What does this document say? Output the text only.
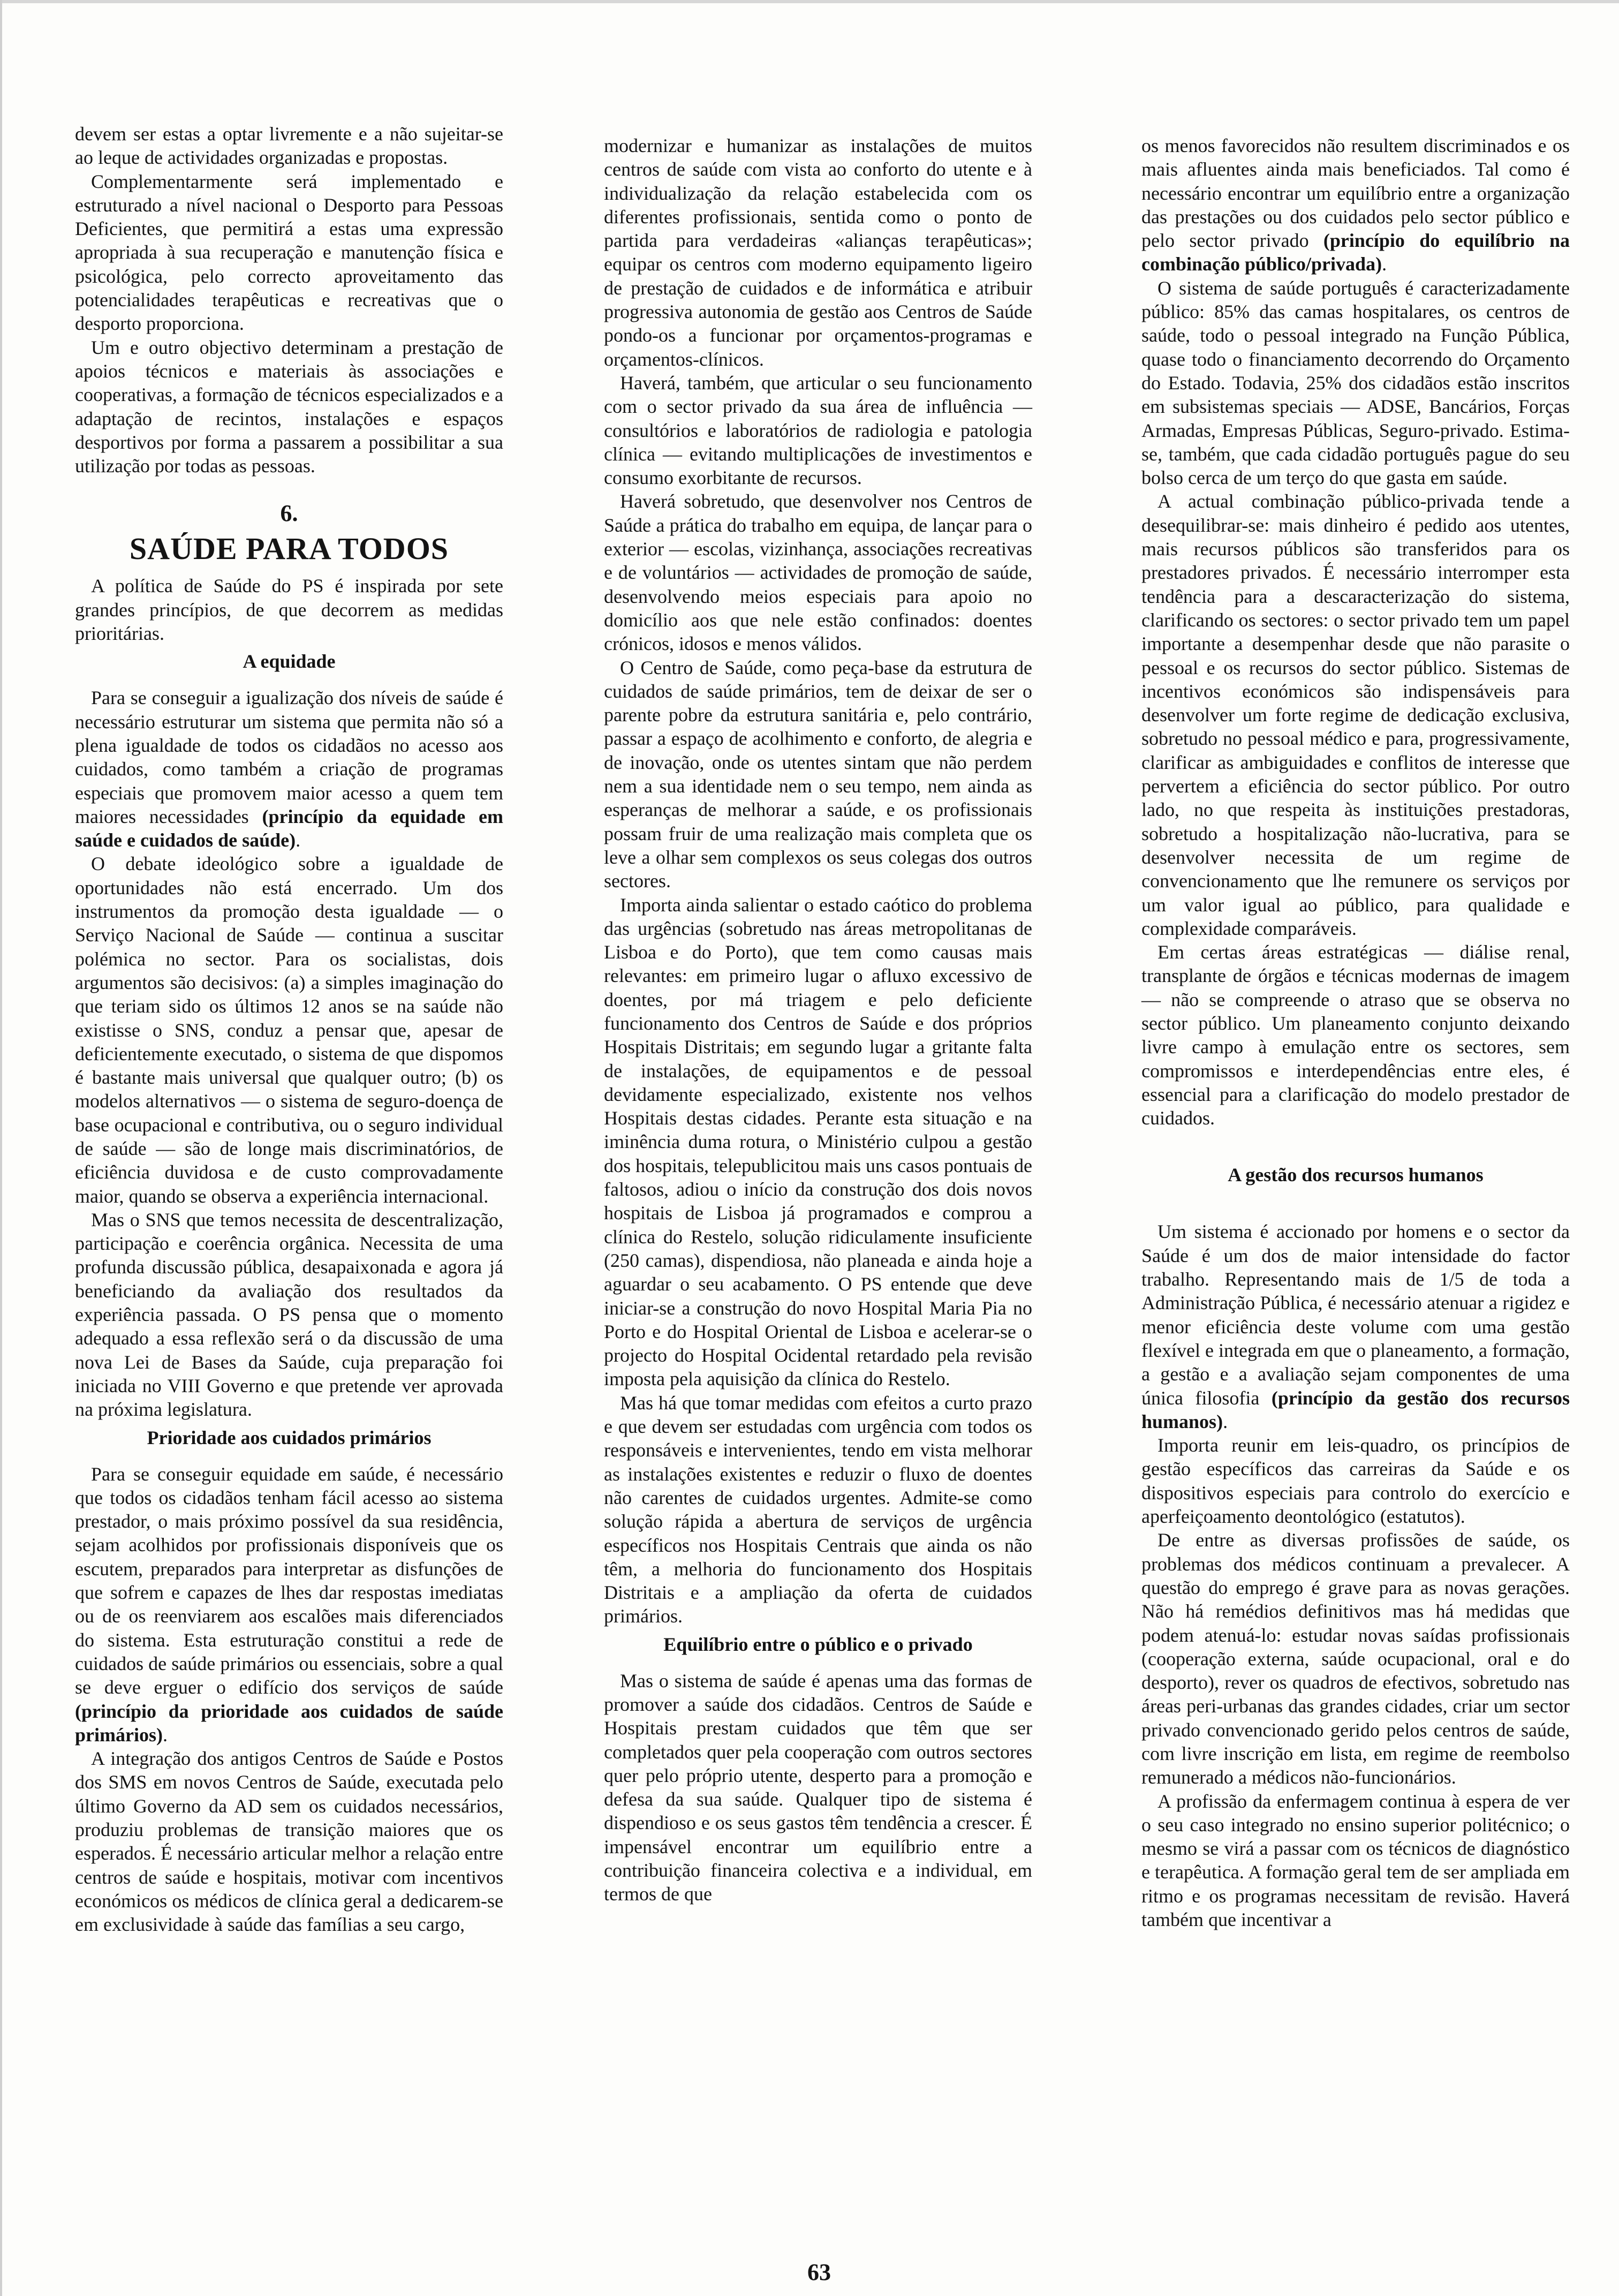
devem ser estas a optar livremente e a não sujeitar-se ao leque de actividades organizadas e propostas.

Complementarmente será implementado e estruturado a nível nacional o Desporto para Pessoas Deficientes, que permitirá a estas uma expressão apropriada à sua recuperação e manutenção física e psicológica, pelo correcto aproveitamento das potencialidades terapêuticas e recreativas que o desporto proporciona.

Um e outro objectivo determinam a prestação de apoios técnicos e materiais às associações e cooperativas, a formação de técnicos especializados e a adaptação de recintos, instalações e espaços desportivos por forma a passarem a possibilitar a sua utilização por todas as pessoas.

6.
SAÚDE PARA TODOS

A política de Saúde do PS é inspirada por sete grandes princípios, de que decorrem as medidas prioritárias.

A equidade

Para se conseguir a igualização dos níveis de saúde é necessário estruturar um sistema que permita não só a plena igualdade de todos os cidadãos no acesso aos cuidados, como também a criação de programas especiais que promovem maior acesso a quem tem maiores necessidades (princípio da equidade em saúde e cuidados de saúde).

O debate ideológico sobre a igualdade de oportunidades não está encerrado. Um dos instrumentos da promoção desta igualdade — o Serviço Nacional de Saúde — continua a suscitar polémica no sector. Para os socialistas, dois argumentos são decisivos: (a) a simples imaginação do que teriam sido os últimos 12 anos se na saúde não existisse o SNS, conduz a pensar que, apesar de deficientemente executado, o sistema de que dispomos é bastante mais universal que qualquer outro; (b) os modelos alternativos — o sistema de seguro-doença de base ocupacional e contributiva, ou o seguro individual de saúde — são de longe mais discriminatórios, de eficiência duvidosa e de custo comprovadamente maior, quando se observa a experiência internacional.

Mas o SNS que temos necessita de descentralização, participação e coerência orgânica. Necessita de uma profunda discussão pública, desapaixonada e agora já beneficiando da avaliação dos resultados da experiência passada. O PS pensa que o momento adequado a essa reflexão será o da discussão de uma nova Lei de Bases da Saúde, cuja preparação foi iniciada no VIII Governo e que pretende ver aprovada na próxima legislatura.

Prioridade aos cuidados primários

Para se conseguir equidade em saúde, é necessário que todos os cidadãos tenham fácil acesso ao sistema prestador, o mais próximo possível da sua residência, sejam acolhidos por profissionais disponíveis que os escutem, preparados para interpretar as disfunções de que sofrem e capazes de lhes dar respostas imediatas ou de os reenviarem aos escalões mais diferenciados do sistema. Esta estruturação constitui a rede de cuidados de saúde primários ou essenciais, sobre a qual se deve erguer o edifício dos serviços de saúde (princípio da prioridade aos cuidados de saúde primários).

A integração dos antigos Centros de Saúde e Postos dos SMS em novos Centros de Saúde, executada pelo último Governo da AD sem os cuidados necessários, produziu problemas de transição maiores que os esperados. É necessário articular melhor a relação entre centros de saúde e hospitais, motivar com incentivos económicos os médicos de clínica geral a dedicarem-se em exclusividade à saúde das famílias a seu cargo,

modernizar e humanizar as instalações de muitos centros de saúde com vista ao conforto do utente e à individualização da relação estabelecida com os diferentes profissionais, sentida como o ponto de partida para verdadeiras «alianças terapêuticas»; equipar os centros com moderno equipamento ligeiro de prestação de cuidados e de informática e atribuir progressiva autonomia de gestão aos Centros de Saúde pondo-os a funcionar por orçamentos-programas e orçamentos-clínicos.

Haverá, também, que articular o seu funcionamento com o sector privado da sua área de influência — consultórios e laboratórios de radiologia e patologia clínica — evitando multiplicações de investimentos e consumo exorbitante de recursos.

Haverá sobretudo, que desenvolver nos Centros de Saúde a prática do trabalho em equipa, de lançar para o exterior — escolas, vizinhança, associações recreativas e de voluntários — actividades de promoção de saúde, desenvolvendo meios especiais para apoio no domicílio aos que nele estão confinados: doentes crónicos, idosos e menos válidos.

O Centro de Saúde, como peça-base da estrutura de cuidados de saúde primários, tem de deixar de ser o parente pobre da estrutura sanitária e, pelo contrário, passar a espaço de acolhimento e conforto, de alegria e de inovação, onde os utentes sintam que não perdem nem a sua identidade nem o seu tempo, nem ainda as esperanças de melhorar a saúde, e os profissionais possam fruir de uma realização mais completa que os leve a olhar sem complexos os seus colegas dos outros sectores.

Importa ainda salientar o estado caótico do problema das urgências (sobretudo nas áreas metropolitanas de Lisboa e do Porto), que tem como causas mais relevantes: em primeiro lugar o afluxo excessivo de doentes, por má triagem e pelo deficiente funcionamento dos Centros de Saúde e dos próprios Hospitais Distritais; em segundo lugar a gritante falta de instalações, de equipamentos e de pessoal devidamente especializado, existente nos velhos Hospitais destas cidades. Perante esta situação e na iminência duma rotura, o Ministério culpou a gestão dos hospitais, telepublicitou mais uns casos pontuais de faltosos, adiou o início da construção dos dois novos hospitais de Lisboa já programados e comprou a clínica do Restelo, solução ridiculamente insuficiente (250 camas), dispendiosa, não planeada e ainda hoje a aguardar o seu acabamento. O PS entende que deve iniciar-se a construção do novo Hospital Maria Pia no Porto e do Hospital Oriental de Lisboa e acelerar-se o projecto do Hospital Ocidental retardado pela revisão imposta pela aquisição da clínica do Restelo.

Mas há que tomar medidas com efeitos a curto prazo e que devem ser estudadas com urgência com todos os responsáveis e intervenientes, tendo em vista melhorar as instalações existentes e reduzir o fluxo de doentes não carentes de cuidados urgentes. Admite-se como solução rápida a abertura de serviços de urgência específicos nos Hospitais Centrais que ainda os não têm, a melhoria do funcionamento dos Hospitais Distritais e a ampliação da oferta de cuidados primários.

Equilíbrio entre o público e o privado

Mas o sistema de saúde é apenas uma das formas de promover a saúde dos cidadãos. Centros de Saúde e Hospitais prestam cuidados que têm que ser completados quer pela cooperação com outros sectores quer pelo próprio utente, desperto para a promoção e defesa da sua saúde. Qualquer tipo de sistema é dispendioso e os seus gastos têm tendência a crescer. É impensável encontrar um equilíbrio entre a contribuição financeira colectiva e a individual, em termos de que

os menos favorecidos não resultem discriminados e os mais afluentes ainda mais beneficiados. Tal como é necessário encontrar um equilíbrio entre a organização das prestações ou dos cuidados pelo sector público e pelo sector privado (princípio do equilíbrio na combinação público/privada).

O sistema de saúde português é caracterizadamente público: 85% das camas hospitalares, os centros de saúde, todo o pessoal integrado na Função Pública, quase todo o financiamento decorrendo do Orçamento do Estado. Todavia, 25% dos cidadãos estão inscritos em subsistemas speciais — ADSE, Bancários, Forças Armadas, Empresas Públicas, Seguro-privado. Estima-se, também, que cada cidadão português pague do seu bolso cerca de um terço do que gasta em saúde.

A actual combinação público-privada tende a desequilibrar-se: mais dinheiro é pedido aos utentes, mais recursos públicos são transferidos para os prestadores privados. É necessário interromper esta tendência para a descaracterização do sistema, clarificando os sectores: o sector privado tem um papel importante a desempenhar desde que não parasite o pessoal e os recursos do sector público. Sistemas de incentivos económicos são indispensáveis para desenvolver um forte regime de dedicação exclusiva, sobretudo no pessoal médico e para, progressivamente, clarificar as ambiguidades e conflitos de interesse que pervertem a eficiência do sector público. Por outro lado, no que respeita às instituições prestadoras, sobretudo a hospitalização não-lucrativa, para se desenvolver necessita de um regime de convencionamento que lhe remunere os serviços por um valor igual ao público, para qualidade e complexidade comparáveis.

Em certas áreas estratégicas — diálise renal, transplante de órgãos e técnicas modernas de imagem — não se compreende o atraso que se observa no sector público. Um planeamento conjunto deixando livre campo à emulação entre os sectores, sem compromissos e interdependências entre eles, é essencial para a clarificação do modelo prestador de cuidados.

A gestão dos recursos humanos

Um sistema é accionado por homens e o sector da Saúde é um dos de maior intensidade do factor trabalho. Representando mais de 1/5 de toda a Administração Pública, é necessário atenuar a rigidez e menor eficiência deste volume com uma gestão flexível e integrada em que o planeamento, a formação, a gestão e a avaliação sejam componentes de uma única filosofia (princípio da gestão dos recursos humanos).

Importa reunir em leis-quadro, os princípios de gestão específicos das carreiras da Saúde e os dispositivos especiais para controlo do exercício e aperfeiçoamento deontológico (estatutos).

De entre as diversas profissões de saúde, os problemas dos médicos continuam a prevalecer. A questão do emprego é grave para as novas gerações. Não há remédios definitivos mas há medidas que podem atenuá-lo: estudar novas saídas profissionais (cooperação externa, saúde ocupacional, oral e do desporto), rever os quadros de efectivos, sobretudo nas áreas peri-urbanas das grandes cidades, criar um sector privado convencionado gerido pelos centros de saúde, com livre inscrição em lista, em regime de reembolso remunerado a médicos não-funcionários.

A profissão da enfermagem continua à espera de ver o seu caso integrado no ensino superior politécnico; o mesmo se virá a passar com os técnicos de diagnóstico e terapêutica. A formação geral tem de ser ampliada em ritmo e os programas necessitam de revisão. Haverá também que incentivar a

63
